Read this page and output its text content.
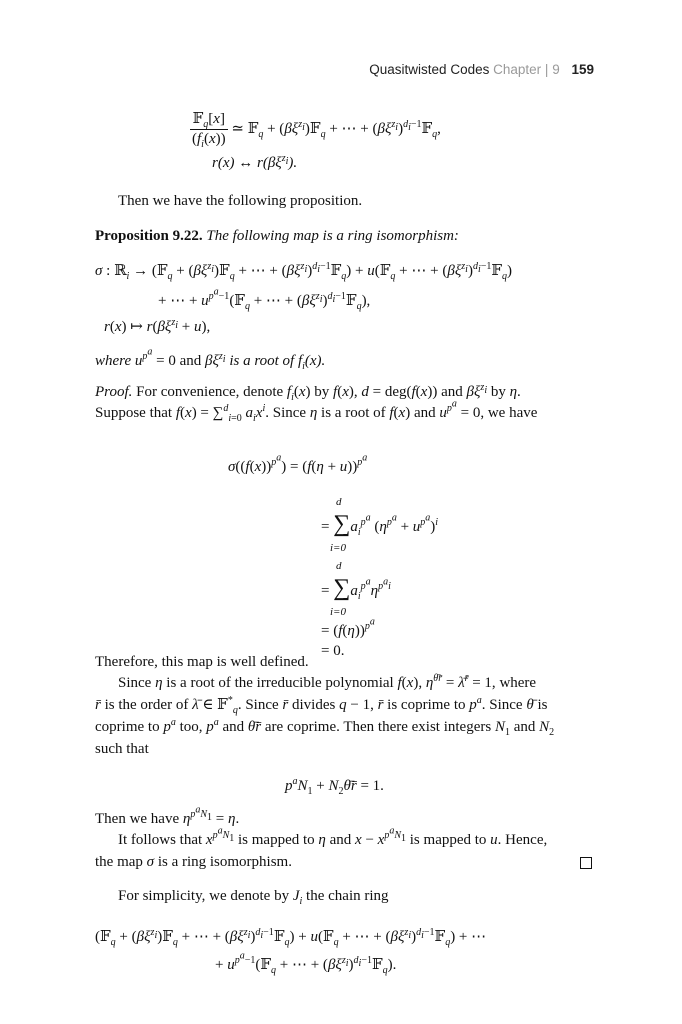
Quasitwisted Codes Chapter | 9 159
$\frac{𝔽_q[x]}{(f_i(x))}$ ≃ 𝔽$_q$ + $(\beta\xi^{z_i})𝔽_q$ + ⋯ + $(\beta\xi^{z_i})^{d_i-1}𝔽_q$,
r(x) ↔ $r(\beta\xi^{z_i})$.
Then we have the following proposition.
Proposition 9.22. The following map is a ring isomorphism:
σ : ℝ$_i$ → (𝔽$_q$ + $(\beta\xi^{z_i})𝔽_q$ + ⋯ + $(\beta\xi^{z_i})^{d_i-1}𝔽_q$) + u(𝔽$_q$ + ⋯ + $(\beta\xi^{z_i})^{d_i-1}𝔽_q$)
+ ⋯ + $u^{p^a-1}(𝔽_q$ + ⋯ + $(\beta\xi^{z_i})^{d_i-1}𝔽_q$),
r(x) ↦ $r(\beta\xi^{z_i} + u)$,
where $u^{p^a} = 0$ and $\beta\xi^{z_i}$ is a root of $f_i(x)$.
Proof. For convenience, denote $f_i(x)$ by f(x), d = deg(f(x)) and $\beta\xi^{z_i}$ by η.
Suppose that f(x) = ∑$^d_{i=0}$ $a_ix^i$. Since η is a root of f(x) and $u^{p^a} = 0$, we have
$\sigma((f(x))^{p^a}) = (f(\eta + u))^{p^a}$
d
= $\sum a_i^{p^a}$ $(\eta^{p^a} + u^{p^a})^i$
i=0
d
= $\sum a_i^{p^a}\eta^{p^ai}$
i=0
= $(f(\eta))^{p^a}$
= 0.
Therefore, this map is well defined.
Since η is a root of the irreducible polynomial f(x), $\eta^{\thetār̄}$ = λ̄$^{r̄}$ = 1, where
r̄ is the order of λ̄ ∈ 𝔽*$_q$. Since r̄ divides q − 1, r̄ is coprime to $p^a$. Since θ̄ is
coprime to $p^a$ too, $p^a$ and θ̄r̄ are coprime. Then there exist integers $N_1$ and $N_2$
such that
$p^aN_1$ + $N_2\thetār̄ = 1$.
Then we have $\eta^{p^aN_1} = \eta$.
It follows that $x^{p^aN_1}$ is mapped to η and $x - x^{p^aN_1}$ is mapped to u. Hence,
the map σ is a ring isomorphism.
For simplicity, we denote by $J_i$ the chain ring
(𝔽$_q$ + $(\beta\xi^{z_i})𝔽_q$ + ⋯ + $(\beta\xi^{z_i})^{d_i-1}𝔽_q$) + u(𝔽$_q$ + ⋯ + $(\beta\xi^{z_i})^{d_i-1}𝔽_q$) + ⋯
+ $u^{p^a-1}(𝔽_q$ + ⋯ + $(\beta\xi^{z_i})^{d_i-1}𝔽_q$).
